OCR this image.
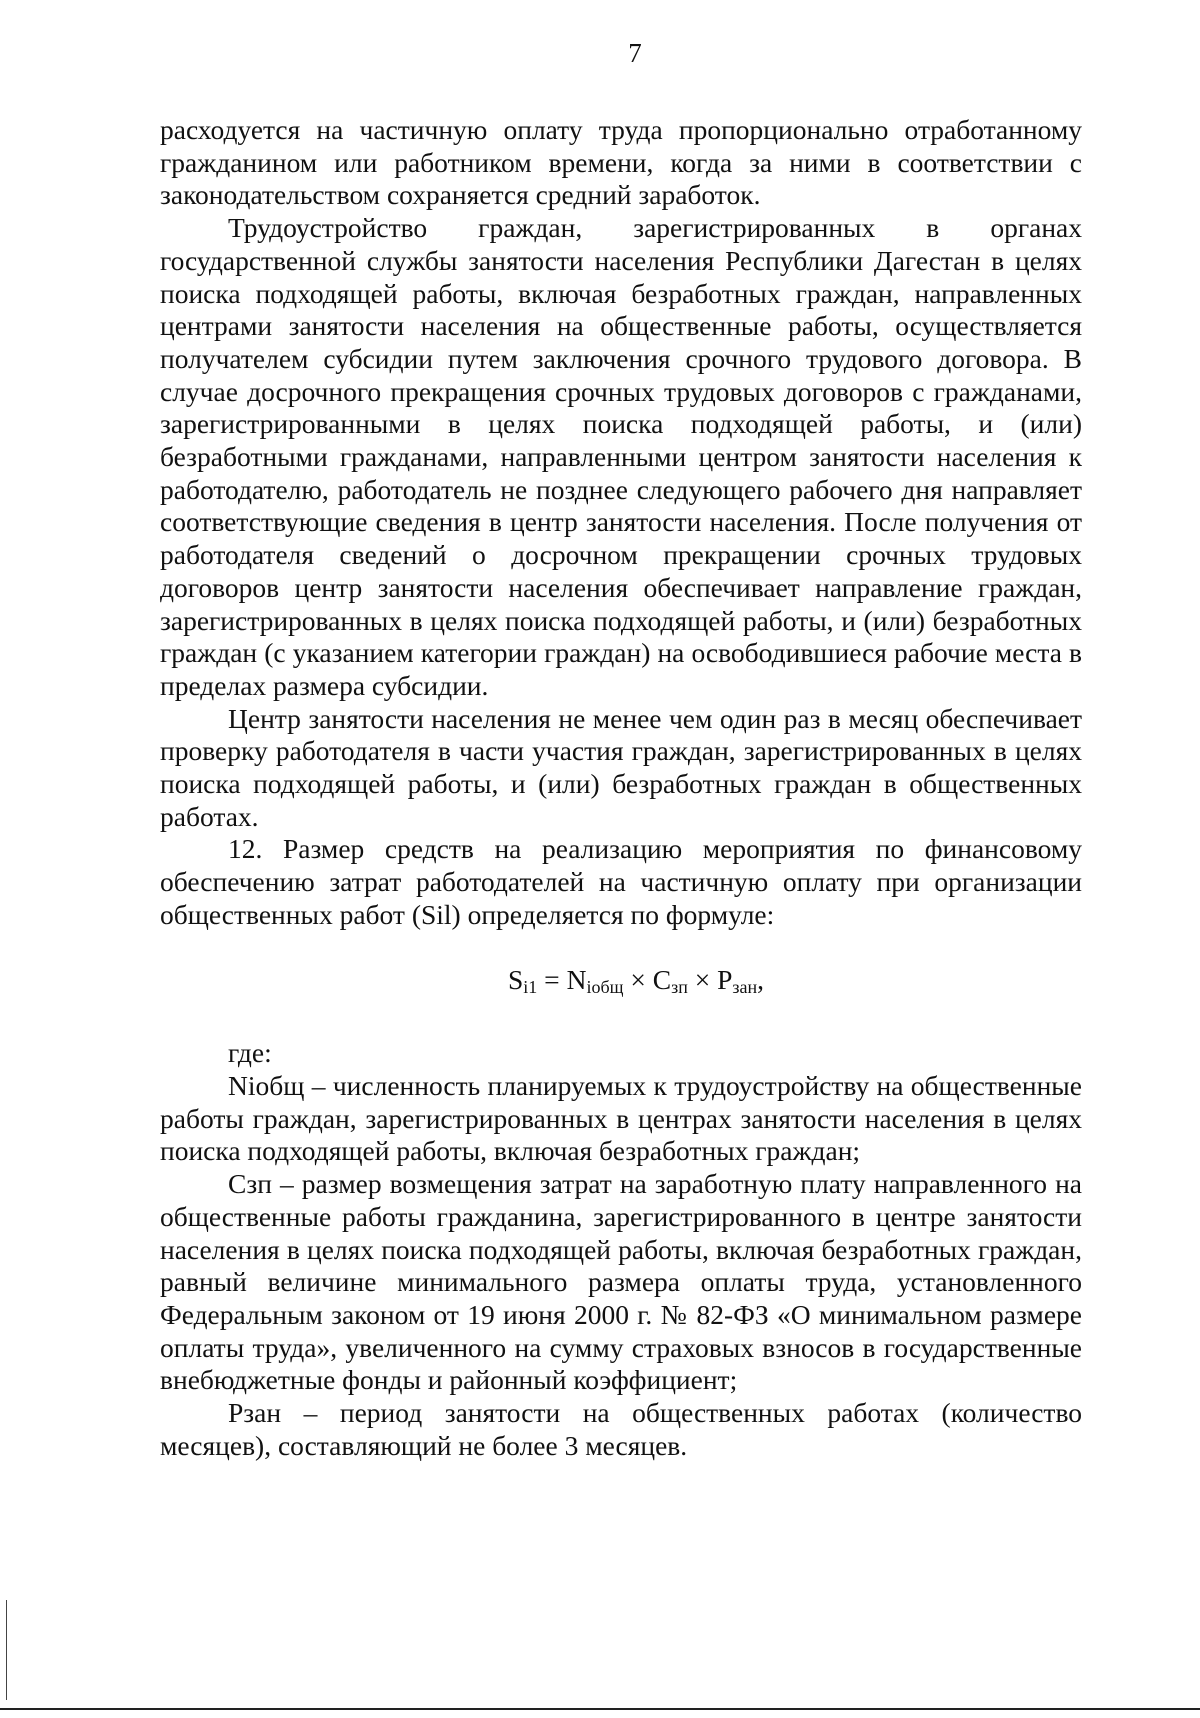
7

расходуется на частичную оплату труда пропорционально отработанному гражданином или работником времени, когда за ними в соответствии с законодательством сохраняется средний заработок.

Трудоустройство граждан, зарегистрированных в органах государственной службы занятости населения Республики Дагестан в целях поиска подходящей работы, включая безработных граждан, направленных центрами занятости населения на общественные работы, осуществляется получателем субсидии путем заключения срочного трудового договора. В случае досрочного прекращения срочных трудовых договоров с гражданами, зарегистрированными в целях поиска подходящей работы, и (или) безработными гражданами, направленными центром занятости населения к работодателю, работодатель не позднее следующего рабочего дня направляет соответствующие сведения в центр занятости населения. После получения от работодателя сведений о досрочном прекращении срочных трудовых договоров центр занятости населения обеспечивает направление граждан, зарегистрированных в целях поиска подходящей работы, и (или) безработных граждан (с указанием категории граждан) на освободившиеся рабочие места в пределах размера субсидии.

Центр занятости населения не менее чем один раз в месяц обеспечивает проверку работодателя в части участия граждан, зарегистрированных в целях поиска подходящей работы, и (или) безработных граждан в общественных работах.

12. Размер средств на реализацию мероприятия по финансовому обеспечению затрат работодателей на частичную оплату при организации общественных работ (Sil) определяется по формуле:

$S_{i1} = N_{iобщ} \times C_{зп} \times P_{зан}$,

где:

Niобщ – численность планируемых к трудоустройству на общественные работы граждан, зарегистрированных в центрах занятости населения в целях поиска подходящей работы, включая безработных граждан;

Сзп – размер возмещения затрат на заработную плату направленного на общественные работы гражданина, зарегистрированного в центре занятости населения в целях поиска подходящей работы, включая безработных граждан, равный величине минимального размера оплаты труда, установленного Федеральным законом от 19 июня 2000 г. № 82-ФЗ «О минимальном размере оплаты труда», увеличенного на сумму страховых взносов в государственные внебюджетные фонды и районный коэффициент;

Рзан – период занятости на общественных работах (количество месяцев), составляющий не более 3 месяцев.
